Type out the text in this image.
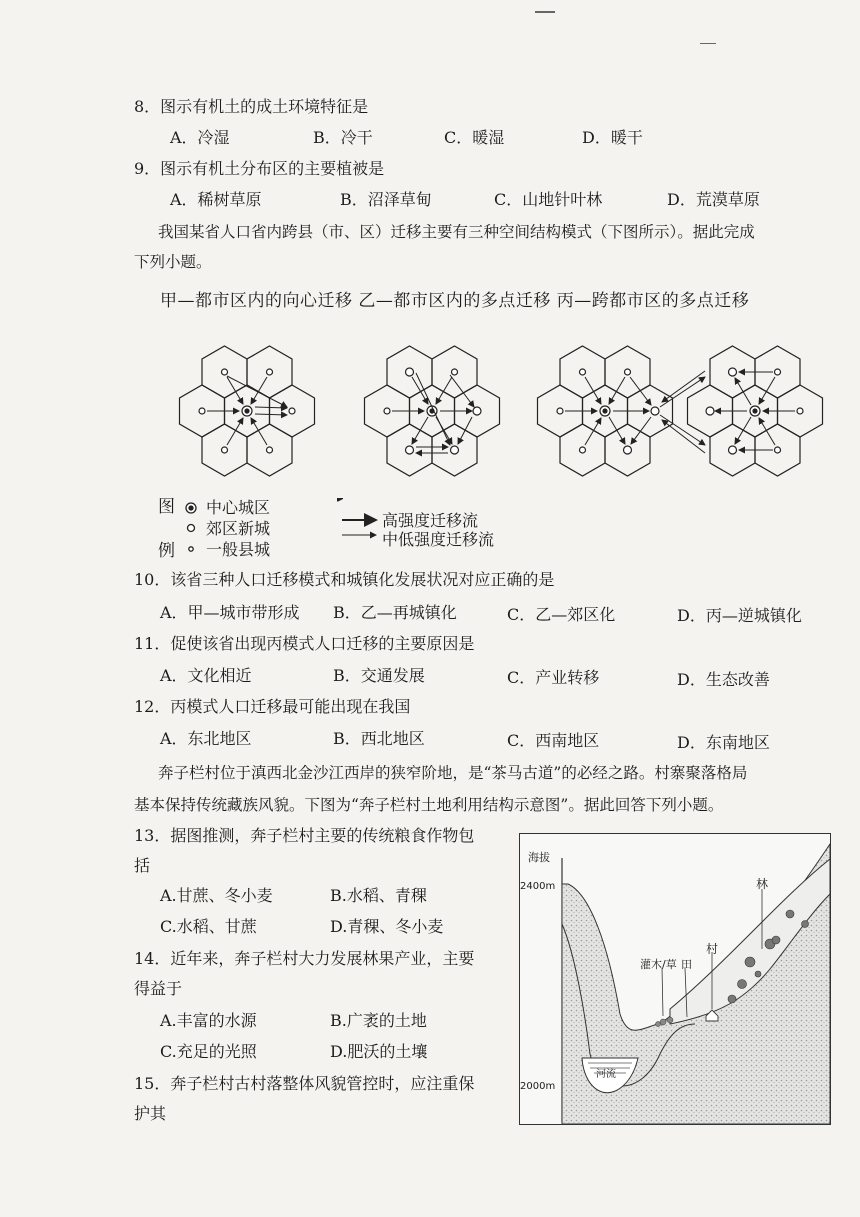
8．图示有机土的成土环境特征是
A．冷湿	B．冷干	C．暖湿	D．暖干
9．图示有机土分布区的主要植被是
A．稀树草原	B．沼泽草甸	C．山地针叶林	D．荒漠草原
我国某省人口省内跨县（市、区）迁移主要有三种空间结构模式（下图所示）。据此完成
下列小题。
甲—都市区内的向心迁移 乙—都市区内的多点迁移 丙—跨都市区的多点迁移
图
例
中心城区
郊区新城
一般县城
高强度迁移流
中低强度迁移流
10．该省三种人口迁移模式和城镇化发展状况对应正确的是
A．甲—城市带形成 B．乙—再城镇化	C．乙—郊区化	D．丙—逆城镇化
11．促使该省出现丙模式人口迁移的主要原因是
A．文化相近	B．交通发展	C．产业转移	D．生态改善
12．丙模式人口迁移最可能出现在我国
A．东北地区	B．西北地区	C．西南地区	D．东南地区
奔子栏村位于滇西北金沙江西岸的狭窄阶地，是“茶马古道”的必经之路。村寨聚落格局
基本保持传统藏族风貌。下图为“奔子栏村土地利用结构示意图”。据此回答下列小题。
13．据图推测，奔子栏村主要的传统粮食作物包
括
A.甘蔗、冬小麦	B.水稻、青稞
C.水稻、甘蔗	D.青稞、冬小麦
14．近年来，奔子栏村大力发展林果产业，主要
得益于
A.丰富的水源	B.广袤的土地
C.充足的光照	D.肥沃的土壤
15．奔子栏村古村落整体风貌管控时，应注重保
护其
海拔
2400m
2000m
林
灌木/草 田
村
河流
